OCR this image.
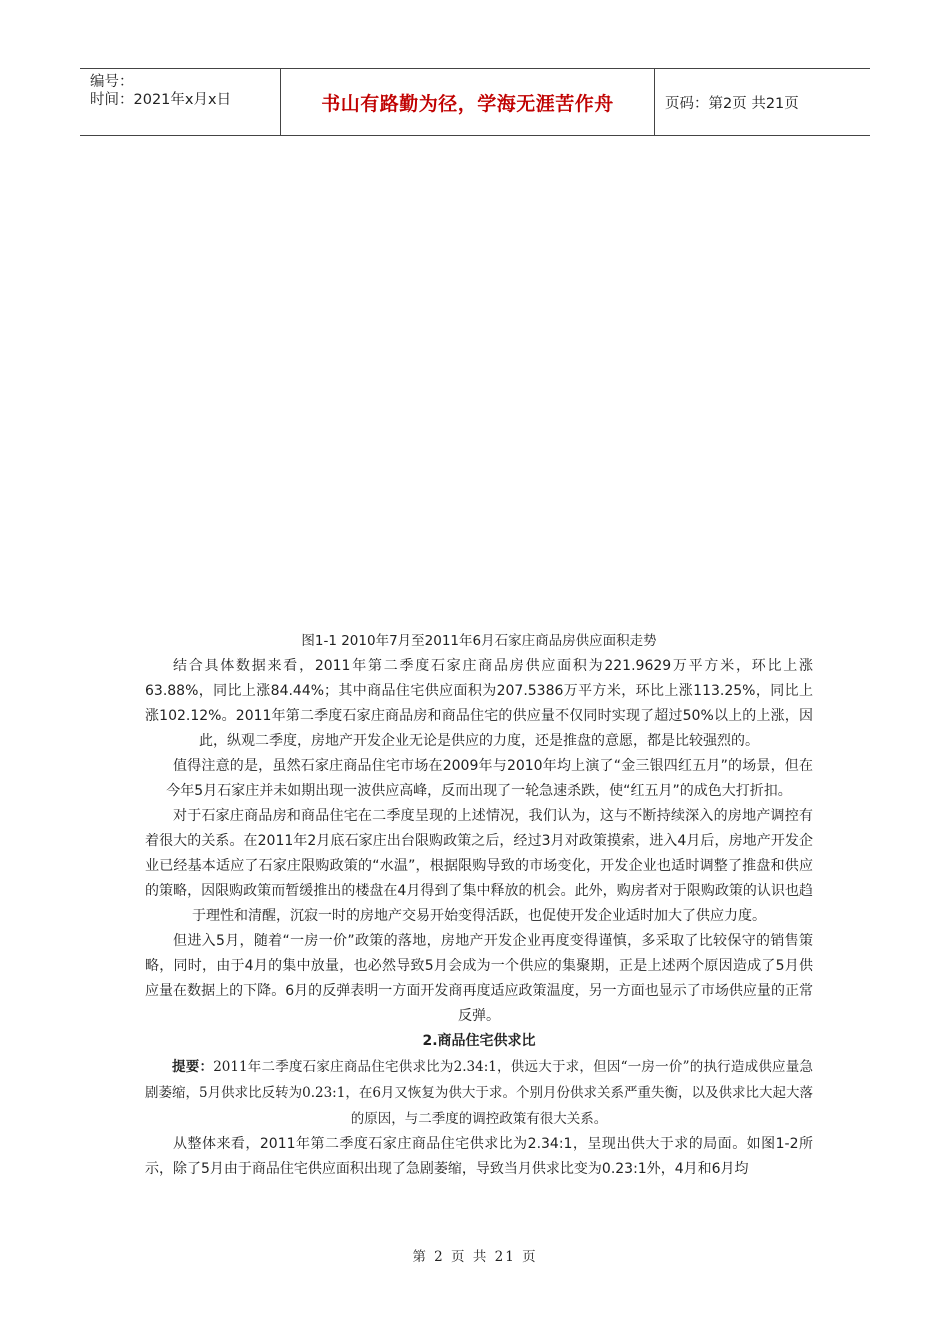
编号：
时间：2021年x月x日	书山有路勤为径，学海无涯苦作舟	页码：第2页 共21页

图1-1 2010年7月至2011年6月石家庄商品房供应面积走势

结合具体数据来看，2011年第二季度石家庄商品房供应面积为221.9629万平方米，环比上涨63.88%，同比上涨84.44%；其中商品住宅供应面积为207.5386万平方米，环比上涨113.25%，同比上涨102.12%。2011年第二季度石家庄商品房和商品住宅的供应量不仅同时实现了超过50%以上的上涨，因此，纵观二季度，房地产开发企业无论是供应的力度，还是推盘的意愿，都是比较强烈的。

值得注意的是，虽然石家庄商品住宅市场在2009年与2010年均上演了“金三银四红五月”的场景，但在今年5月石家庄并未如期出现一波供应高峰，反而出现了一轮急速杀跌，使“红五月”的成色大打折扣。

对于石家庄商品房和商品住宅在二季度呈现的上述情况，我们认为，这与不断持续深入的房地产调控有着很大的关系。在2011年2月底石家庄出台限购政策之后，经过3月对政策摸索，进入4月后，房地产开发企业已经基本适应了石家庄限购政策的“水温”，根据限购导致的市场变化，开发企业也适时调整了推盘和供应的策略，因限购政策而暂缓推出的楼盘在4月得到了集中释放的机会。此外，购房者对于限购政策的认识也趋于理性和清醒，沉寂一时的房地产交易开始变得活跃，也促使开发企业适时加大了供应力度。

但进入5月，随着“一房一价”政策的落地，房地产开发企业再度变得谨慎，多采取了比较保守的销售策略，同时，由于4月的集中放量，也必然导致5月会成为一个供应的集聚期，正是上述两个原因造成了5月供应量在数据上的下降。6月的反弹表明一方面开发商再度适应政策温度，另一方面也显示了市场供应量的正常反弹。

2.商品住宅供求比

提要：2011年二季度石家庄商品住宅供求比为2.34:1，供远大于求，但因“一房一价”的执行造成供应量急剧萎缩，5月供求比反转为0.23:1，在6月又恢复为供大于求。个别月份供求关系严重失衡，以及供求比大起大落的原因，与二季度的调控政策有很大关系。

从整体来看，2011年第二季度石家庄商品住宅供求比为2.34:1，呈现出供大于求的局面。如图1-2所示，除了5月由于商品住宅供应面积出现了急剧萎缩，导致当月供求比变为0.23:1外，4月和6月均

第 2 页 共 21 页
